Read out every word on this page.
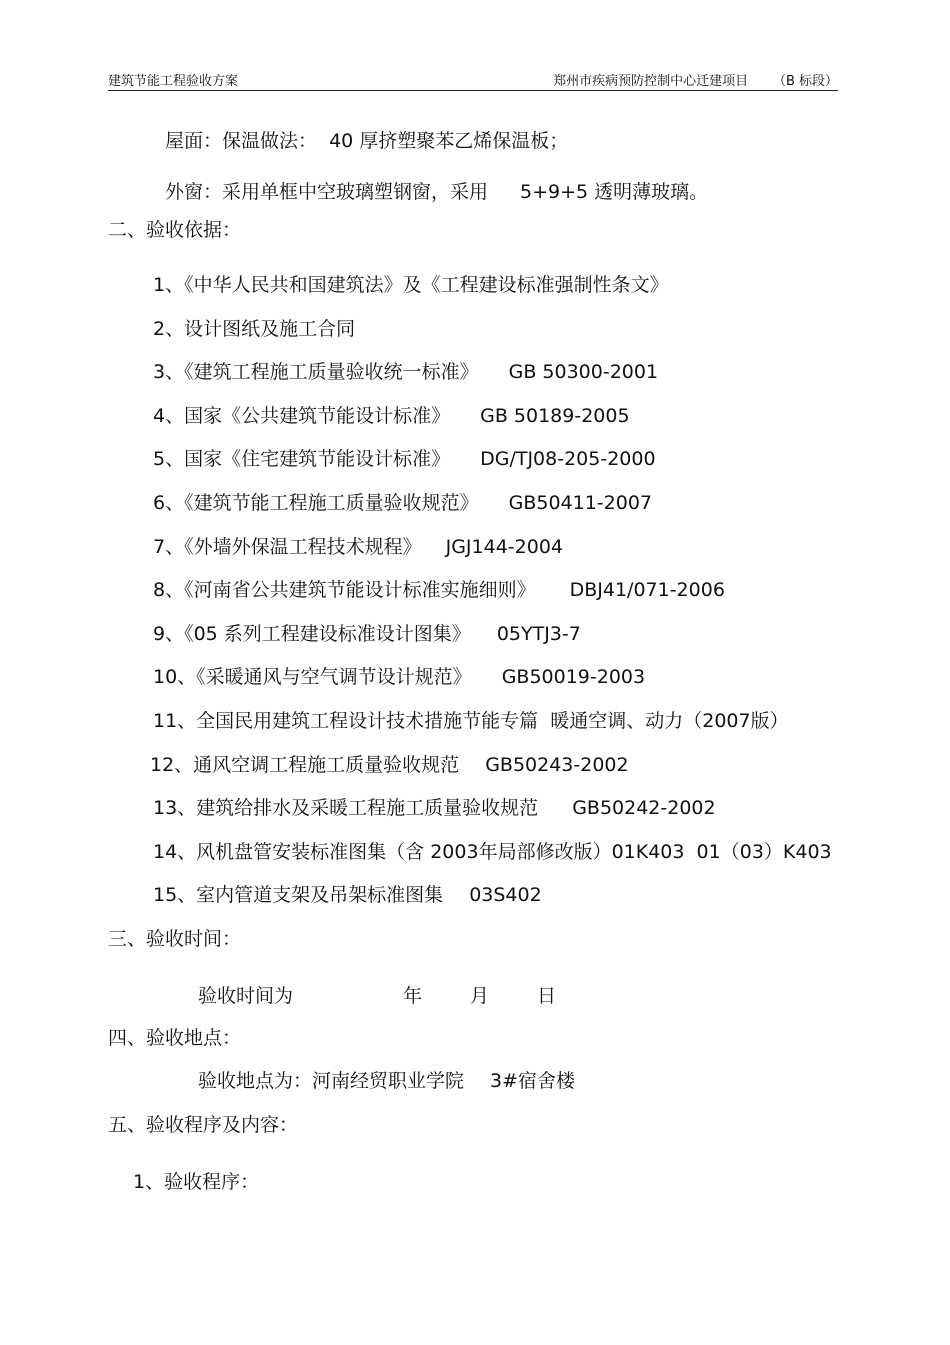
建筑节能工程验收方案	郑州市疾病预防控制中心迁建项目 （B 标段）
屋面：保温做法：  40 厚挤塑聚苯乙烯保温板；
外窗：采用单框中空玻璃塑钢窗，采用 5+9+5 透明薄玻璃。
二、验收依据：
1、《中华人民共和国建筑法》及《工程建设标准强制性条文》
2、设计图纸及施工合同
3、《建筑工程施工质量验收统一标准》 GB 50300-2001
4、国家《公共建筑节能设计标准》 GB 50189-2005
5、国家《住宅建筑节能设计标准》 DG/TJ08-205-2000
6、《建筑节能工程施工质量验收规范》 GB50411-2007
7、《外墙外保温工程技术规程》 JGJ144-2004
8、《河南省公共建筑节能设计标准实施细则》 DBJ41/071-2006
9、《05 系列工程建设标准设计图集》 05YTJ3-7
10、《采暖通风与空气调节设计规范》 GB50019-2003
11、全国民用建筑工程设计技术措施节能专篇  暖通空调、动力（2007版）
12、通风空调工程施工质量验收规范 GB50243-2002
13、建筑给排水及采暖工程施工质量验收规范 GB50242-2002
14、风机盘管安装标准图集（含 2003年局部修改版）01K403  01（03）K403
15、室内管道支架及吊架标准图集 03S402
三、验收时间：
验收时间为	年	月	日
四、验收地点：
验收地点为：河南经贸职业学院 3#宿舍楼
五、验收程序及内容：
1、验收程序：
